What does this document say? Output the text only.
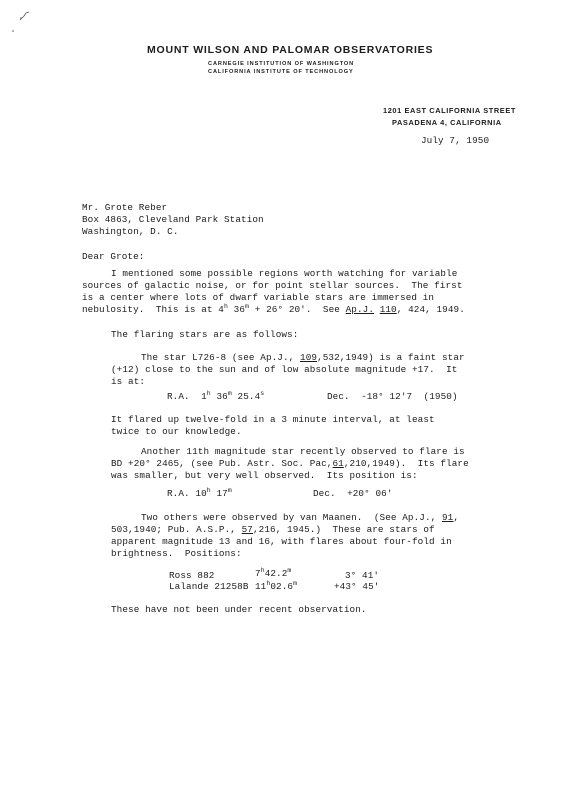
MOUNT WILSON AND PALOMAR OBSERVATORIES
CARNEGIE INSTITUTION OF WASHINGTON
CALIFORNIA INSTITUTE OF TECHNOLOGY
1201 EAST CALIFORNIA STREET
PASADENA 4, CALIFORNIA
July 7, 1950
Mr. Grote Reber
Box 4863, Cleveland Park Station
Washington, D. C.
Dear Grote:
I mentioned some possible regions worth watching for variable
sources of galactic noise, or for point stellar sources.  The first
is a center where lots of dwarf variable stars are immersed in
nebulosity.  This is at 4$^h$ $36^m + 26^\circ$ 20'.  See Ap.J. 110, 424, 1949.
The flaring stars are as follows:
The star L726-8 (see Ap.J., 109,532,1949) is a faint star
(+12) close to the sun and of low absolute magnitude +17.  It
is at:
R.A. 1$^h$ 36$^m$ 25.4$^s$	Dec.  -18° 12'7  (1950)
It flared up twelve-fold in a 3 minute interval, at least
twice to our knowledge.
Another 11th magnitude star recently observed to flare is
BD +20° 2465, (see Pub. Astr. Soc. Pac,61,210,1949).  Its flare
was smaller, but very well observed.  Its position is:
R.A. 10$^h$ 17$^m$	Dec.  +20° 06'
Two others were observed by van Maanen.  (See Ap.J., 91,
503,1940; Pub. A.S.P., 57,216, 1945.)  These are stars of
apparent magnitude 13 and 16, with flares about four-fold in
brightness.  Positions:
Ross 882	7$^h$42.2$^m$	3° 41'
Lalande 21258B $11^h02.6^m$	+43° 45'
These have not been under recent observation.
